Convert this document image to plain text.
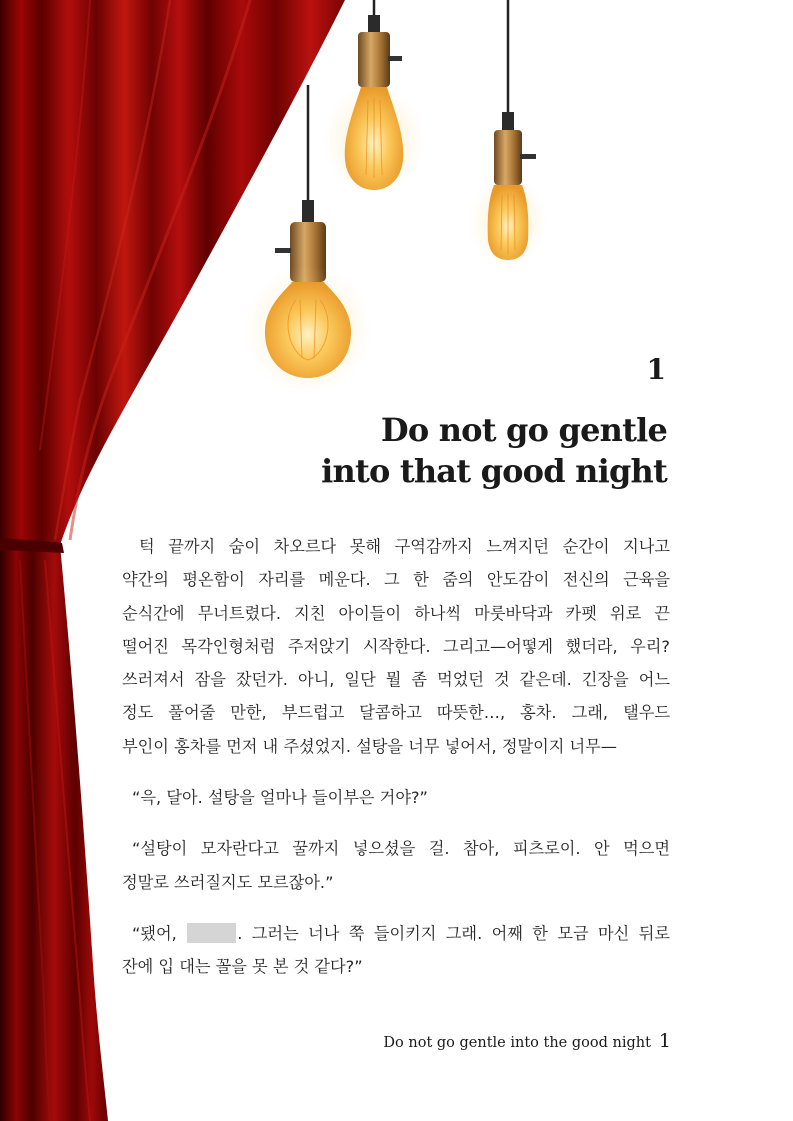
1
Do not go gentle
into that good night
턱 끝까지 숨이 차오르다 못해 구역감까지 느껴지던 순간이 지나고
약간의 평온함이 자리를 메운다. 그 한 줌의 안도감이 전신의 근육을
순식간에 무너트렸다. 지친 아이들이 하나씩 마룻바닥과 카펫 위로 끈
떨어진 목각인형처럼 주저앉기 시작한다. 그리고—어떻게 했더라, 우리?
쓰러져서 잠을 잤던가. 아니, 일단 뭘 좀 먹었던 것 같은데. 긴장을 어느
정도 풀어줄 만한, 부드럽고 달콤하고 따뜻한…, 홍차. 그래, 탤우드
부인이 홍차를 먼저 내 주셨었지. 설탕을 너무 넣어서, 정말이지 너무—
“윽, 달아. 설탕을 얼마나 들이부은 거야?”
“설탕이 모자란다고 꿀까지 넣으셨을 걸. 참아, 피츠로이. 안 먹으면
정말로 쓰러질지도 모르잖아.”
“됐어,	. 그러는 너나 쭉 들이키지 그래. 어째 한 모금 마신 뒤로
잔에 입 대는 꼴을 못 본 것 같다?”
Do not go gentle into the good night 1
